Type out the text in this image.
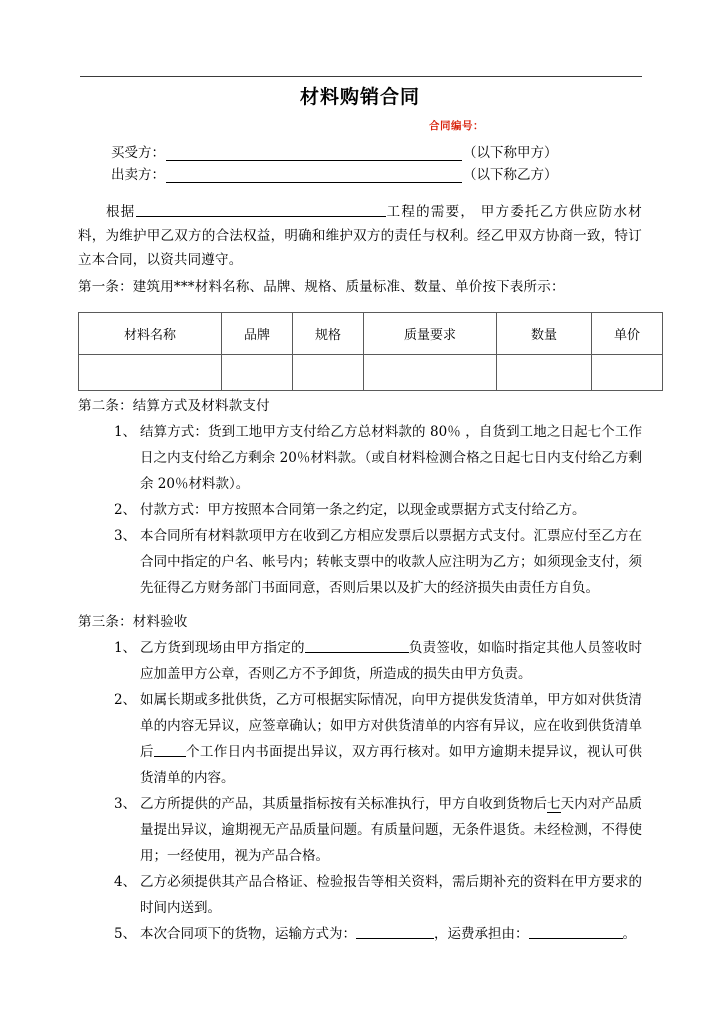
材料购销合同

合同编号：

买受方：	（以下称甲方）
出卖方：	（以下称乙方）

根据	工程的需要， 甲方委托乙方供应防水材料，为维护甲乙双方的合法权益，明确和维护双方的责任与权利。经乙甲双方协商一致，特订立本合同，以资共同遵守。

第一条：建筑用***材料名称、品牌、规格、质量标准、数量、单价按下表所示：

材料名称	品牌	规格	质量要求	数量	单价

第二条：结算方式及材料款支付

1、 结算方式：货到工地甲方支付给乙方总材料款的 80％ ，自货到工地之日起七个工作日之内支付给乙方剩余 20％材料款。（或自材料检测合格之日起七日内支付给乙方剩余 20％材料款）。
2、 付款方式：甲方按照本合同第一条之约定，以现金或票据方式支付给乙方。
3、 本合同所有材料款项甲方在收到乙方相应发票后以票据方式支付。汇票应付至乙方在合同中指定的户名、帐号内；转帐支票中的收款人应注明为乙方；如须现金支付，须先征得乙方财务部门书面同意，否则后果以及扩大的经济损失由责任方自负。

第三条：材料验收

1、 乙方货到现场由甲方指定的	负责签收，如临时指定其他人员签收时应加盖甲方公章，否则乙方不予卸货，所造成的损失由甲方负责。
2、 如属长期或多批供货，乙方可根据实际情况，向甲方提供发货清单，甲方如对供货清单的内容无异议，应签章确认；如甲方对供货清单的内容有异议，应在收到供货清单后 个工作日内书面提出异议，双方再行核对。如甲方逾期未提异议，视认可供货清单的内容。
3、 乙方所提供的产品，其质量指标按有关标准执行，甲方自收到货物后七天内对产品质量提出异议，逾期视无产品质量问题。有质量问题，无条件退货。未经检测，不得使用；一经使用，视为产品合格。
4、 乙方必须提供其产品合格证、检验报告等相关资料，需后期补充的资料在甲方要求的时间内送到。
5、 本次合同项下的货物，运输方式为：	，运费承担由：	。
